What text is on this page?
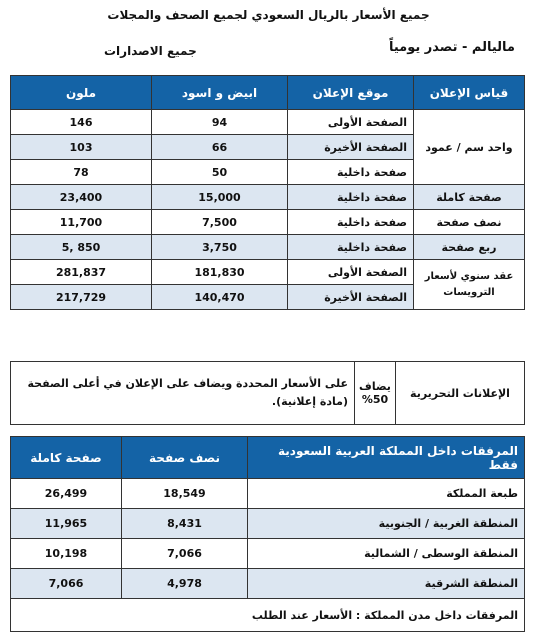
جميع الأسعار بالريال السعودي لجميع الصحف والمجلات
ماليالم - تصدر يومياً
جميع الاصدارات
قياس الإعلان	موقع الإعلان	ابيض و اسود	ملون
واحد سم / عمود	الصفحة الأولى	94	146
	الصفحة الأخيرة	66	103
	صفحة داخلية	50	78
صفحة كاملة	صفحة داخلية	15,000	23,400
نصف صفحة	صفحة داخلية	7,500	11,700
ربع صفحة	صفحة داخلية	3,750	5, 850
عقد سنوي لأسعار الترويسات	الصفحة الأولى	181,830	281,837
	الصفحة الأخيرة	140,470	217,729
الإعلانات التحريرية	يضاف 50%	على الأسعار المحددة ويضاف على الإعلان في أعلى الصفحة (مادة إعلانية).
المرفقات داخل المملكة العربية السعودية فقط	نصف صفحة	صفحة كاملة
طبعة المملكة	18,549	26,499
المنطقة الغربية / الجنوبية	8,431	11,965
المنطقة الوسطى / الشمالية	7,066	10,198
المنطقة الشرقية	4,978	7,066
المرفقات داخل مدن المملكة : الأسعار عند الطلب		
